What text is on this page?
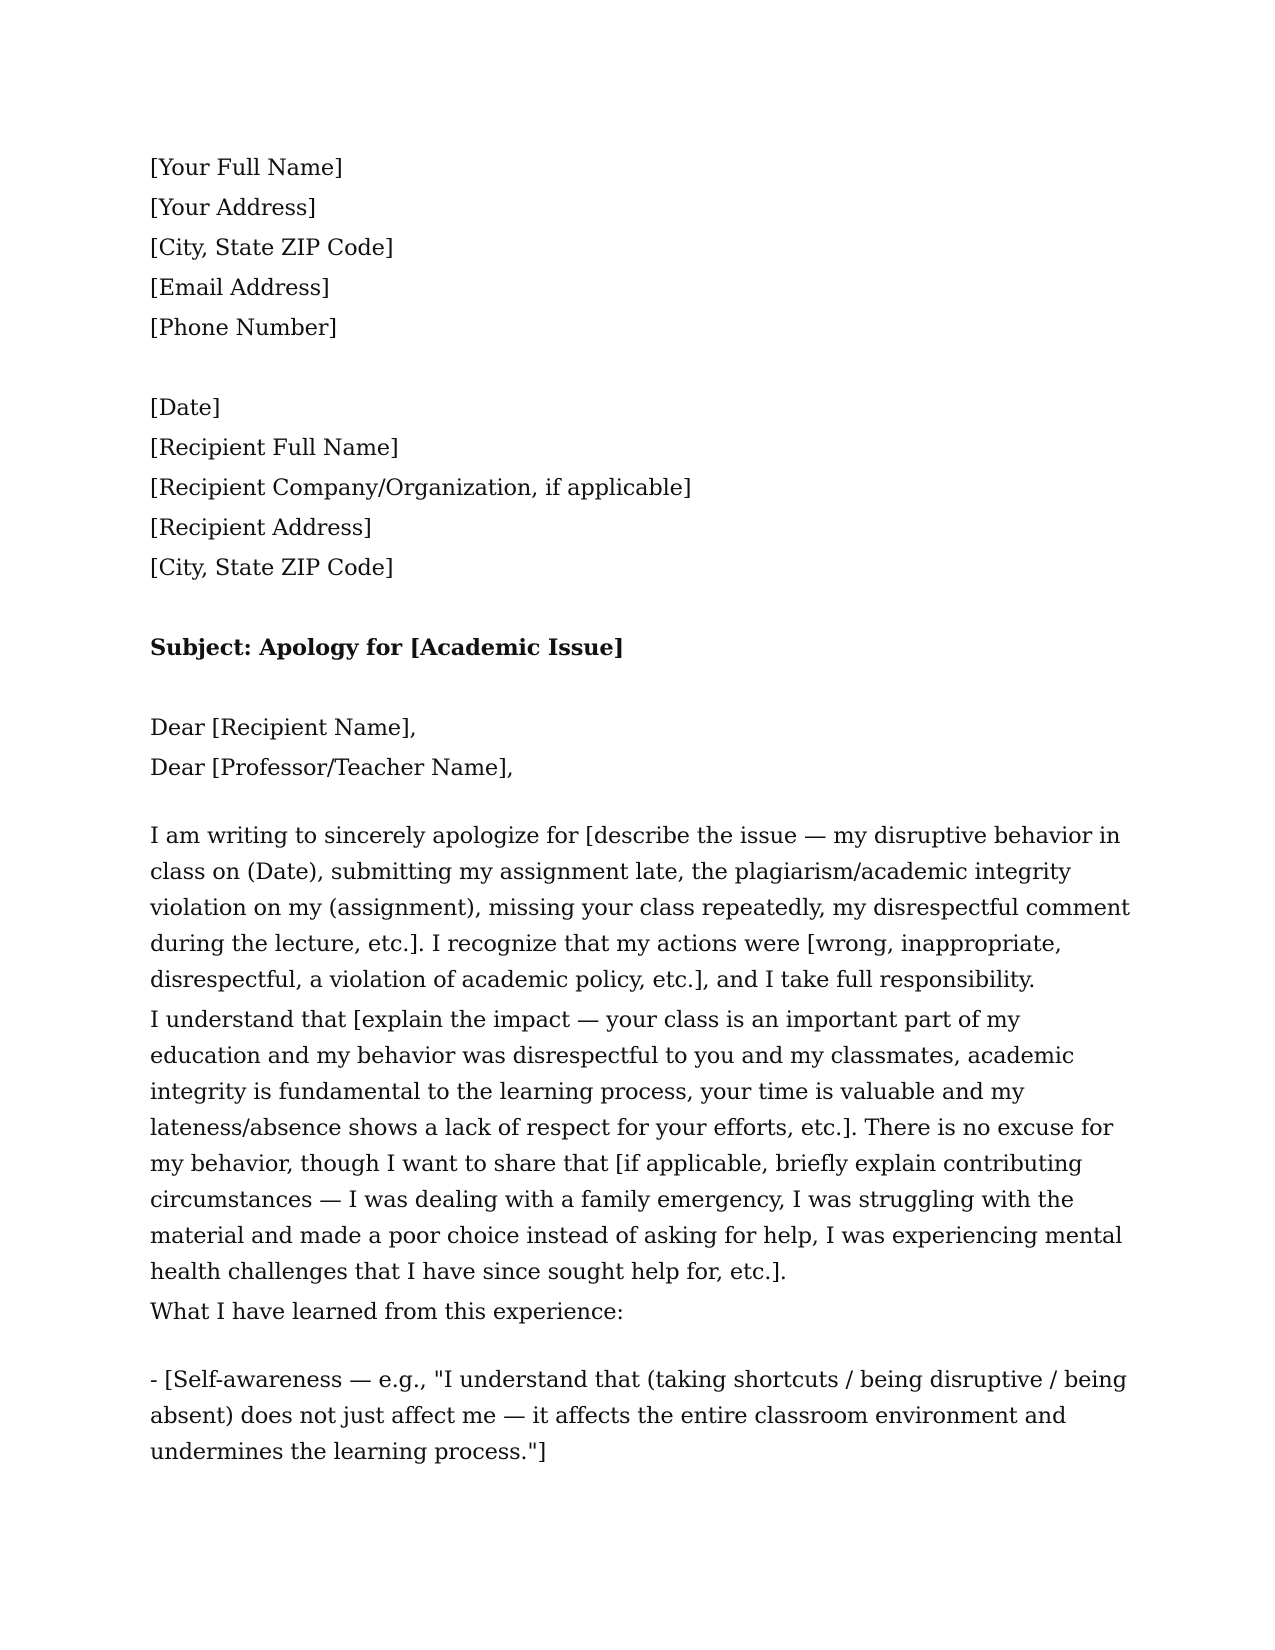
[Your Full Name]
[Your Address]
[City, State ZIP Code]
[Email Address]
[Phone Number]
[Date]
[Recipient Full Name]
[Recipient Company/Organization, if applicable]
[Recipient Address]
[City, State ZIP Code]
Subject: Apology for [Academic Issue]
Dear [Recipient Name],
Dear [Professor/Teacher Name],

I am writing to sincerely apologize for [describe the issue — my disruptive behavior in class on (Date), submitting my assignment late, the plagiarism/academic integrity violation on my (assignment), missing your class repeatedly, my disrespectful comment during the lecture, etc.]. I recognize that my actions were [wrong, inappropriate, disrespectful, a violation of academic policy, etc.], and I take full responsibility.

I understand that [explain the impact — your class is an important part of my education and my behavior was disrespectful to you and my classmates, academic integrity is fundamental to the learning process, your time is valuable and my lateness/absence shows a lack of respect for your efforts, etc.]. There is no excuse for my behavior, though I want to share that [if applicable, briefly explain contributing circumstances — I was dealing with a family emergency, I was struggling with the material and made a poor choice instead of asking for help, I was experiencing mental health challenges that I have since sought help for, etc.].

What I have learned from this experience:

- [Self-awareness — e.g., "I understand that (taking shortcuts / being disruptive / being absent) does not just affect me — it affects the entire classroom environment and undermines the learning process."]
